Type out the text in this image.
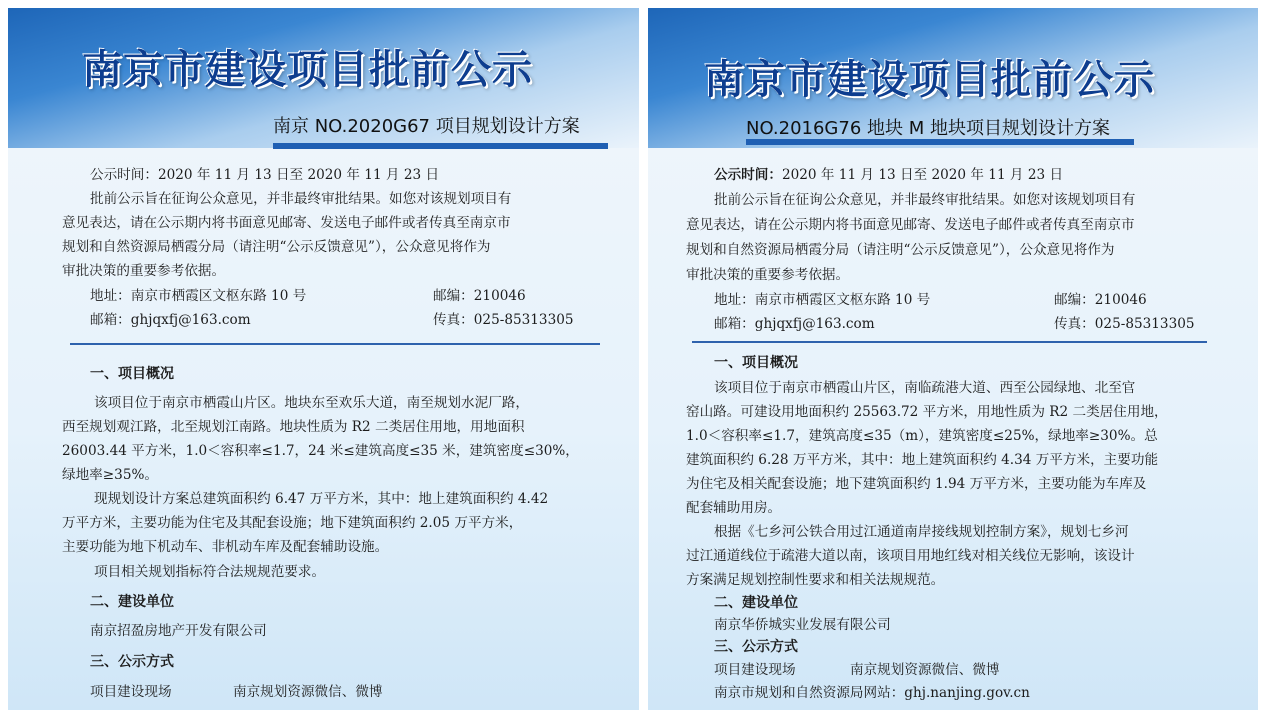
南京市建设项目批前公示
南京 NO.2020G67 项目规划设计方案
公示时间：2020 年 11 月 13 日至 2020 年 11 月 23 日
批前公示旨在征询公众意见，并非最终审批结果。如您对该规划项目有
意见表达，请在公示期内将书面意见邮寄、发送电子邮件或者传真至南京市
规划和自然资源局栖霞分局（请注明“公示反馈意见”），公众意见将作为
审批决策的重要参考依据。
地址：南京市栖霞区文枢东路 10 号	邮编：210046
邮箱：ghjqxfj@163.com	传真：025-85313305
一、项目概况
该项目位于南京市栖霞山片区。地块东至欢乐大道，南至规划水泥厂路，
西至规划观江路，北至规划江南路。地块性质为 R2 二类居住用地，用地面积
26003.44 平方米，1.0＜容积率≤1.7，24 米≤建筑高度≤35 米，建筑密度≤30%，
绿地率≥35%。
现规划设计方案总建筑面积约 6.47 万平方米，其中：地上建筑面积约 4.42
万平方米，主要功能为住宅及其配套设施；地下建筑面积约 2.05 万平方米，
主要功能为地下机动车、非机动车库及配套辅助设施。
项目相关规划指标符合法规规范要求。
二、建设单位
南京招盈房地产开发有限公司
三、公示方式
项目建设现场	南京规划资源微信、微博
南京市建设项目批前公示
NO.2016G76 地块 M 地块项目规划设计方案
公示时间：2020 年 11 月 13 日至 2020 年 11 月 23 日
批前公示旨在征询公众意见，并非最终审批结果。如您对该规划项目有
意见表达，请在公示期内将书面意见邮寄、发送电子邮件或者传真至南京市
规划和自然资源局栖霞分局（请注明“公示反馈意见”），公众意见将作为
审批决策的重要参考依据。
地址：南京市栖霞区文枢东路 10 号	邮编：210046
邮箱：ghjqxfj@163.com	传真：025-85313305
一、项目概况
该项目位于南京市栖霞山片区，南临疏港大道、西至公园绿地、北至官
窑山路。可建设用地面积约 25563.72 平方米，用地性质为 R2 二类居住用地，
1.0＜容积率≤1.7，建筑高度≤35（m），建筑密度≤25%，绿地率≥30%。总
建筑面积约 6.28 万平方米，其中：地上建筑面积约 4.34 万平方米，主要功能
为住宅及相关配套设施；地下建筑面积约 1.94 万平方米，主要功能为车库及
配套辅助用房。
根据《七乡河公铁合用过江通道南岸接线规划控制方案》，规划七乡河
过江通道线位于疏港大道以南，该项目用地红线对相关线位无影响，该设计
方案满足规划控制性要求和相关法规规范。
二、建设单位
南京华侨城实业发展有限公司
三、公示方式
项目建设现场	南京规划资源微信、微博
南京市规划和自然资源局网站：ghj.nanjing.gov.cn
